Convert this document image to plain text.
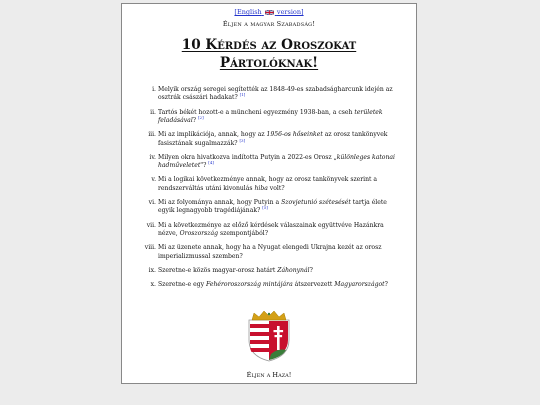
[English version]
Éljen a magyar Szabadság!
10 Kérdés az Oroszokat
Pártolóknak!
i. Melyik ország seregei segítették az 1848-49-es szabadságharcunk idején az osztrák császári hadakat? [1]
ii. Tartós békét hozott-e a müncheni egyezmény 1938-ban, a cseh területek feladásával? [2]
iii. Mi az implikációja, annak, hogy az 1956-os hőseinket az orosz tankönyvek fasisztának sugalmazzák? [3]
iv. Milyen okra hivatkozva indította Putyin a 2022-es Orosz „különleges katonai hadműveletet"? [4]
v. Mi a logikai következménye annak, hogy az orosz tankönyvek szerint a rendszerváltás utáni kivonulás hiba volt?
vi. Mi az folyománya annak, hogy Putyin a Szovjetunió szétesését tartja élete egyik legnagyobb tragédiájának? [5]
vii. Mi a következménye az előző kérdések válaszainak együttvéve Hazánkra nézve, Oroszország szempontjából?
viii. Mi az üzenete annak, hogy ha a Nyugat elengedi Ukrajna kezét az orosz imperializmussal szemben?
ix. Szeretne-e közös magyar-orosz határt Záhonynál?
x. Szeretne-e egy Fehéroroszország mintájára átszervezett Magyarországot?
Éljen a Haza!
